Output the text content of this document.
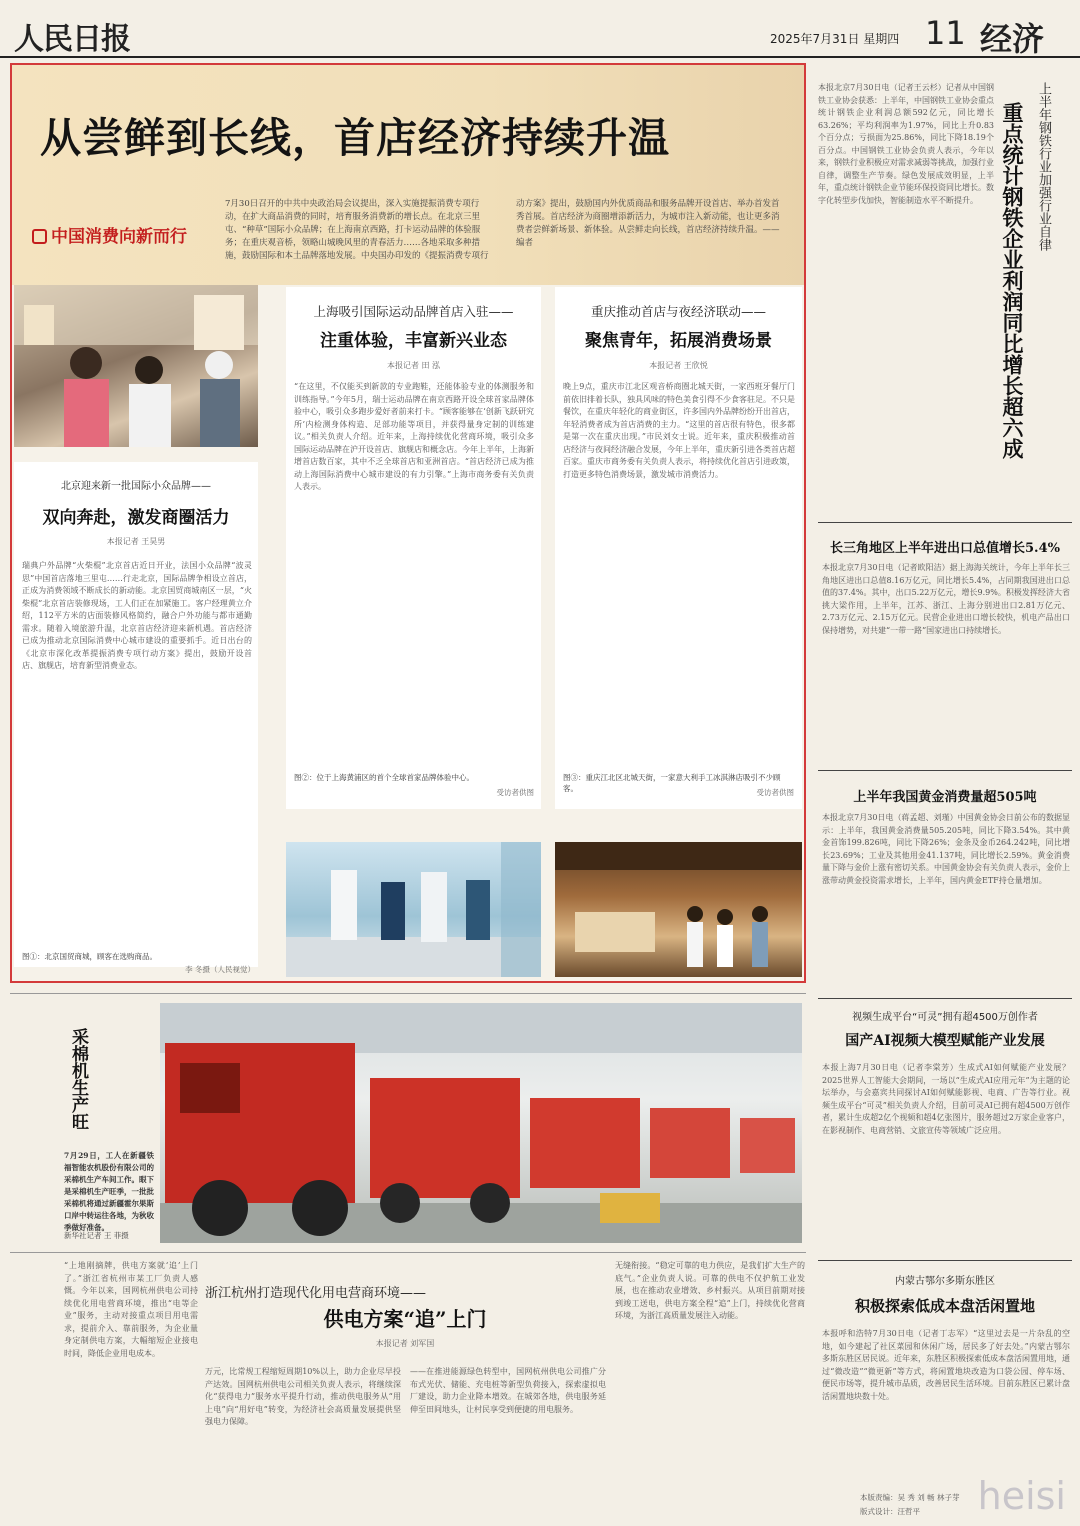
人民日报	2025年7月31日 星期四 11 经济
从尝鲜到长线，首店经济持续升温
中国消费向新而行
7月30日召开的中共中央政治局会议提出，深入实施提振消费专项行动，在扩大商品消费的同时，培育服务消费新的增长点。在北京三里屯、“种草”国际小众品牌；在上海南京西路，打卡运动品牌的体验服务；在重庆观音桥，领略山城晚风里的青春活力……各地采取多种措施，鼓励国际和本土品牌落地发展。中央国办印发的《提振消费专项行动方案》提出，鼓励国内外优质商品和服务品牌开设首店、举办首发首秀首展。首店经济为商圈增添新活力，为城市注入新动能，也让更多消费者尝鲜新场景、新体验。从尝鲜走向长线，首店经济持续升温。——编者
北京迎来新一批国际小众品牌——
双向奔赴，激发商圈活力
本报记者 王昊男
瑞典户外品牌“火柴棍”北京首店近日开业，法国小众品牌“波灵思”中国首店落地三里屯……行走北京，国际品牌争相设立首店，正成为消费领域不断成长的新动能。北京国贸商城南区一层，“火柴棍”北京首店装修现场，工人们正在加紧施工。客户经理黄立介绍，112平方米的店面装修风格简约，融合户外功能与都市通勤需求。随着入境旅游升温，北京首店经济迎来新机遇。首店经济已成为推动北京国际消费中心城市建设的重要抓手。近日出台的《北京市深化改革提振消费专项行动方案》提出，鼓励开设首店、旗舰店，培育新型消费业态。
图①：北京国贸商城，顾客在选购商品。
李 冬摄（人民视觉）
上海吸引国际运动品牌首店入驻——
注重体验，丰富新兴业态
本报记者 田 泓
“在这里，不仅能买到新款的专业跑鞋，还能体验专业的体测服务和训练指导。”今年5月，瑞士运动品牌在南京西路开设全球首家品牌体验中心，吸引众多跑步爱好者前来打卡。“顾客能够在‘创新飞跃研究所’内检测身体构造、足部功能等项目，并获得量身定制的训练建议。”相关负责人介绍。近年来，上海持续优化营商环境，吸引众多国际运动品牌在沪开设首店、旗舰店和概念店。今年上半年，上海新增首店数百家，其中不乏全球首店和亚洲首店。“首店经济已成为推动上海国际消费中心城市建设的有力引擎。”上海市商务委有关负责人表示。
图②：位于上海黄浦区的首个全球首家品牌体验中心。
受访者供图
重庆推动首店与夜经济联动——
聚焦青年，拓展消费场景
本报记者 王欣悦
晚上9点，重庆市江北区观音桥商圈北城天街，一家西班牙餐厅门前依旧排着长队，独具风味的特色美食引得不少食客驻足。不只是餐饮，在重庆年轻化的商业街区，许多国内外品牌纷纷开出首店，年轻消费者成为首店消费的主力。“这里的首店很有特色，很多都是第一次在重庆出现。”市民刘女士说。近年来，重庆积极推动首店经济与夜间经济融合发展，今年上半年，重庆新引进各类首店超百家。重庆市商务委有关负责人表示，将持续优化首店引进政策，打造更多特色消费场景，激发城市消费活力。
图③：重庆江北区北城天街，一家意大利手工冰淇淋店吸引不少顾客。	受访者供图
本报北京7月30日电（记者王云杉）记者从中国钢铁工业协会获悉：上半年，中国钢铁工业协会重点统计钢铁企业利润总额592亿元，同比增长63.26%；平均利润率为1.97%，同比上升0.83个百分点；亏损面为25.86%，同比下降18.19个百分点。中国钢铁工业协会负责人表示，今年以来，钢铁行业积极应对需求减弱等挑战，加强行业自律，调整生产节奏。绿色发展成效明显，上半年，重点统计钢铁企业节能环保投资同比增长。数字化转型步伐加快，智能制造水平不断提升。	上半年钢铁行业加强行业自律
重点统计钢铁企业利润同比增长超六成
长三角地区上半年进出口总值增长5.4%
本报北京7月30日电（记者欧阳洁）据上海海关统计，今年上半年长三角地区进出口总值8.16万亿元，同比增长5.4%，占同期我国进出口总值的37.4%。其中，出口5.22万亿元，增长9.9%。积极发挥经济大省挑大梁作用，上半年，江苏、浙江、上海分别进出口2.81万亿元、2.73万亿元、2.15万亿元。民营企业进出口增长较快，机电产品出口保持增势，对共建“一带一路”国家进出口持续增长。
上半年我国黄金消费量超505吨
本报北京7月30日电（蒋孟超、刘瑾）中国黄金协会日前公布的数据显示：上半年，我国黄金消费量505.205吨，同比下降3.54%。其中黄金首饰199.826吨，同比下降26%；金条及金币264.242吨，同比增长23.69%；工业及其他用金41.137吨，同比增长2.59%。黄金消费量下降与金价上涨有密切关系。中国黄金协会有关负责人表示，金价上涨带动黄金投资需求增长，上半年，国内黄金ETF持仓量增加。
视频生成平台“可灵”拥有超4500万创作者
国产AI视频大模型赋能产业发展
本报上海7月30日电（记者李棠芳）生成式AI如何赋能产业发展？2025世界人工智能大会期间，一场以“生成式AI应用元年”为主题的论坛举办，与会嘉宾共同探讨AI如何赋能影视、电商、广告等行业。视频生成平台“可灵”相关负责人介绍，目前可灵AI已拥有超4500万创作者，累计生成超2亿个视频和超4亿张图片，服务超过2万家企业客户，在影视制作、电商营销、文旅宣传等领域广泛应用。
内蒙古鄂尔多斯东胜区
积极探索低成本盘活闲置地
本报呼和浩特7月30日电（记者丁志军）“这里过去是一片杂乱的空地，如今建起了社区菜园和休闲广场，居民多了好去处。”内蒙古鄂尔多斯东胜区居民说。近年来，东胜区积极探索低成本盘活闲置用地，通过“微改造”“微更新”等方式，将闲置地块改造为口袋公园、停车场、便民市场等，提升城市品质，改善居民生活环境。目前东胜区已累计盘活闲置地块数十处。
本版责编：吴 秀 刘 畅 林子芽
版式设计：汪哲平
采棉机生产旺
7月29日，工人在新疆铁福智能农机股份有限公司的采棉机生产车间工作。眼下是采棉机生产旺季，一批批采棉机将通过新疆霍尔果斯口岸中转运往各地，为秋收季做好准备。
新华社记者 王 菲摄
“上地刚摘牌，供电方案就‘追’上门了。”浙江省杭州市某工厂负责人感慨。今年以来，国网杭州供电公司持续优化用电营商环境，推出“电等企业”服务，主动对接重点项目用电需求，提前介入、靠前服务，为企业量身定制供电方案，大幅缩短企业接电时间，降低企业用电成本。
浙江杭州打造现代化用电营商环境——
供电方案“追”上门
本报记者 刘军国
万元，比常规工程缩短周期10%以上，助力企业尽早投产达效。国网杭州供电公司相关负责人表示，将继续深化“获得电力”服务水平提升行动，推动供电服务从“用上电”向“用好电”转变，为经济社会高质量发展提供坚强电力保障。
——在推进能源绿色转型中，国网杭州供电公司推广分布式光伏、储能、充电桩等新型负荷接入，探索虚拟电厂建设，助力企业降本增效。在城郊各地，供电服务延伸至田间地头，让村民享受到便捷的用电服务。
无缝衔接。“稳定可靠的电力供应，是我们扩大生产的底气。”企业负责人说。可靠的供电不仅护航工业发展，也在推动农业增效、乡村振兴。从项目前期对接到竣工送电，供电方案全程“追”上门，持续优化营商环境，为浙江高质量发展注入动能。
heisi
